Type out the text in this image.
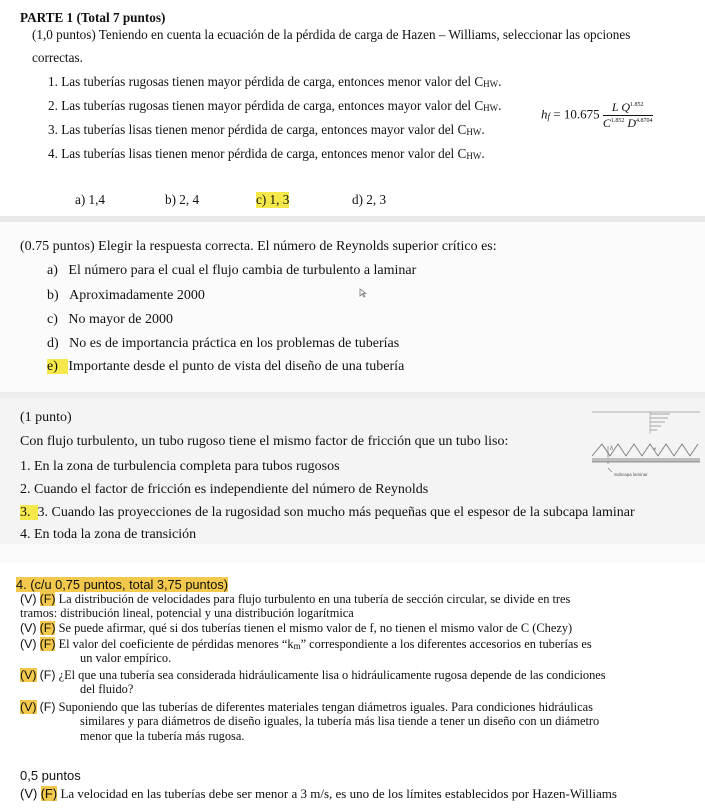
PARTE 1 (Total 7 puntos)
(1,0 puntos) Teniendo en cuenta la ecuación de la pérdida de carga de Hazen – Williams, seleccionar las opciones
correctas.
1. Las tuberías rugosas tienen mayor pérdida de carga, entonces menor valor del CHW.
2. Las tuberías rugosas tienen mayor pérdida de carga, entonces mayor valor del CHW.
3. Las tuberías lisas tienen menor pérdida de carga, entonces mayor valor del CHW.
4. Las tuberías lisas tienen menor pérdida de carga, entonces menor valor del CHW.
hf = $10.675 \frac{L Q^{1.852}}{C^{1.852} D^{4.8704}}$
a) 1,4	b) 2, 4	c) 1, 3	d) 2, 3
(0.75 puntos) Elegir la respuesta correcta. El número de Reynolds superior crítico es:
a) El número para el cual el flujo cambia de turbulento a laminar
b) Aproximadamente 2000
c) No mayor de 2000
d) No es de importancia práctica en los problemas de tuberías
e) Importante desde el punto de vista del diseño de una tubería
(1 punto)
Con flujo turbulento, un tubo rugoso tiene el mismo factor de fricción que un tubo liso:
1. En la zona de turbulencia completa para tubos rugosos
2. Cuando el factor de fricción es independiente del número de Reynolds
3.  3. Cuando las proyecciones de la rugosidad son mucho más pequeñas que el espesor de la subcapa laminar
4. En toda la zona de transición
δ	e
Subcapa laminar
4. (c/u 0,75 puntos, total 3,75 puntos)
(V) (F) La distribución de velocidades para flujo turbulento en una tubería de sección circular, se divide en tres
tramos: distribución lineal, potencial y una distribución logarítmica
(V) (F) Se puede afirmar, qué si dos tuberías tienen el mismo valor de f, no tienen el mismo valor de C (Chezy)
(V) (F) El valor del coeficiente de pérdidas menores “km” correspondiente a los diferentes accesorios en tuberías es
un valor empírico.
(V) (F) ¿El que una tubería sea considerada hidráulicamente lisa o hidráulicamente rugosa depende de las condiciones
del fluido?
(V) (F) Suponiendo que las tuberías de diferentes materiales tengan diámetros iguales. Para condiciones hidráulicas
similares y para diámetros de diseño iguales, la tubería más lisa tiende a tener un diseño con un diámetro
menor que la tubería más rugosa.
0,5 puntos
(V) (F) La velocidad en las tuberías debe ser menor a 3 m/s, es uno de los límites establecidos por Hazen-Williams
